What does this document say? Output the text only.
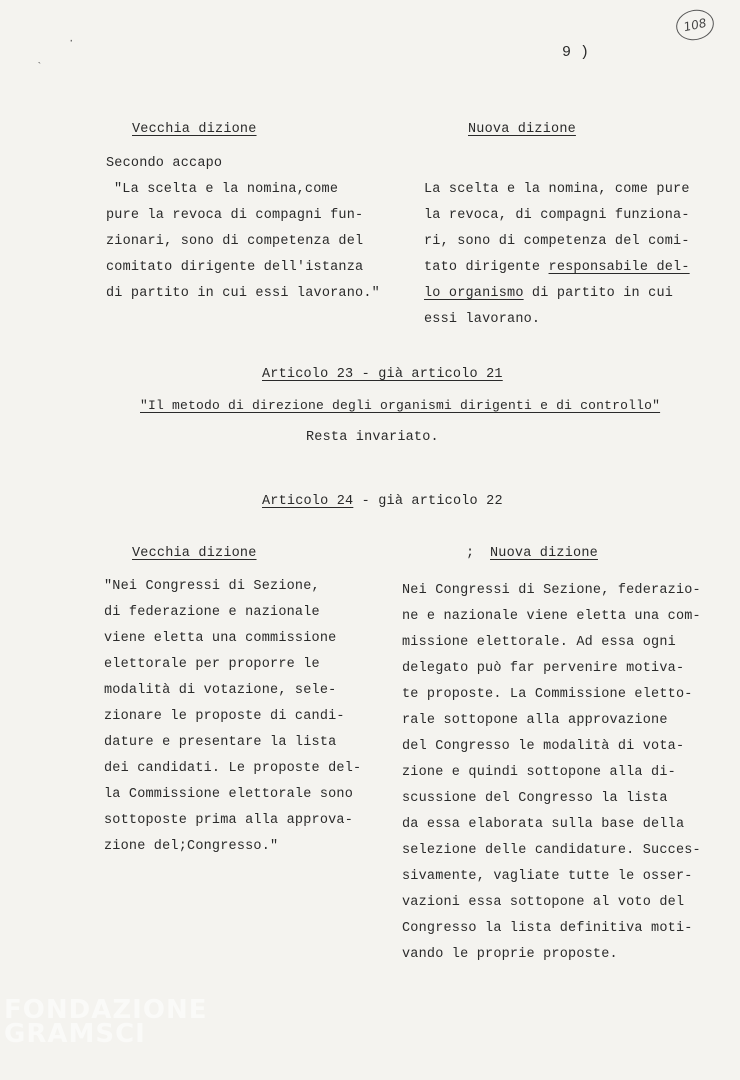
108
9 )
Vecchia dizione	Nuova dizione
Secondo accapo
"La scelta e la nomina,come
pure la revoca di compagni fun-
zionari, sono di competenza del
comitato dirigente dell'istanza
di partito in cui essi lavorano."
La scelta e la nomina, come pure
la revoca, di compagni funziona-
ri, sono di competenza del comi-
tato dirigente responsabile del-
lo organismo di partito in cui
essi lavorano.
Articolo 23 - già articolo 21
"Il metodo di direzione degli organismi dirigenti e di controllo"
Resta invariato.
Articolo 24 - già articolo 22
Vecchia dizione	; Nuova dizione
"Nei Congressi di Sezione,
di federazione e nazionale
viene eletta una commissione
elettorale per proporre le
modalità di votazione, sele-
zionare le proposte di candi-
dature e presentare la lista
dei candidati. Le proposte del-
la Commissione elettorale sono
sottoposte prima alla approva-
zione del;Congresso."
Nei Congressi di Sezione, federazio-
ne e nazionale viene eletta una com-
missione elettorale. Ad essa ogni
delegato può far pervenire motiva-
te proposte. La Commissione eletto-
rale sottopone alla approvazione
del Congresso le modalità di vota-
zione e quindi sottopone alla di-
scussione del Congresso la lista
da essa elaborata sulla base della
selezione delle candidature. Succes-
sivamente, vagliate tutte le osser-
vazioni essa sottopone al voto del
Congresso la lista definitiva moti-
vando le proprie proposte.
`
·
FONDAZIONE
GRAMSCI
